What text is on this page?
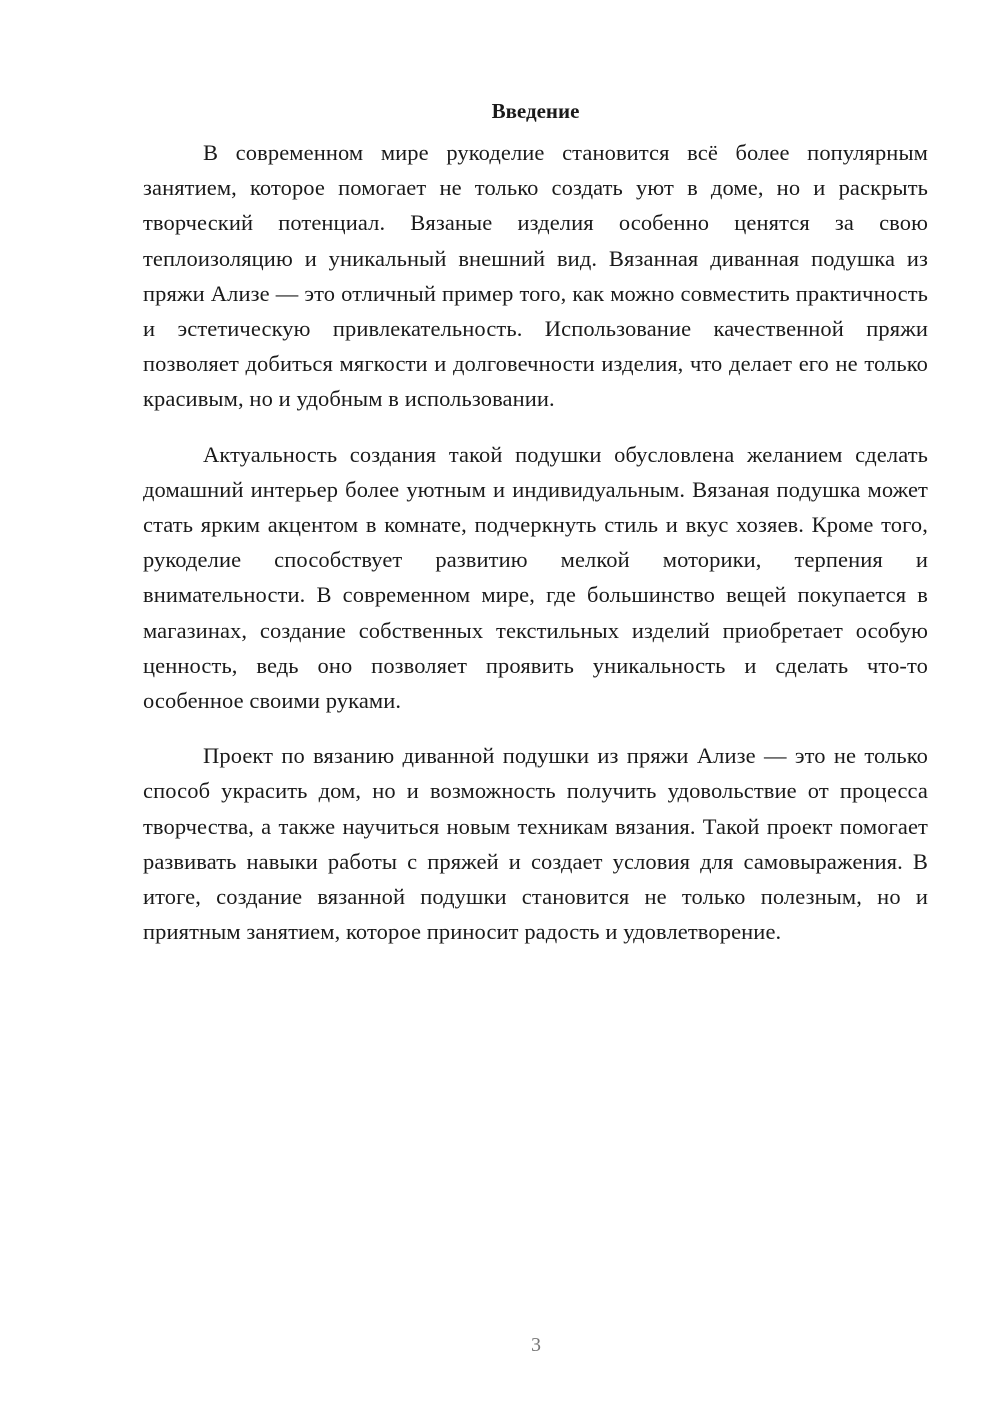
Введение

В современном мире рукоделие становится всё более популярным занятием, которое помогает не только создать уют в доме, но и раскрыть творческий потенциал. Вязаные изделия особенно ценятся за свою теплоизоляцию и уникальный внешний вид. Вязанная диванная подушка из пряжи Ализе — это отличный пример того, как можно совместить практичность и эстетическую привлекательность. Использование качественной пряжи позволяет добиться мягкости и долговечности изделия, что делает его не только красивым, но и удобным в использовании.

Актуальность создания такой подушки обусловлена желанием сделать домашний интерьер более уютным и индивидуальным. Вязаная подушка может стать ярким акцентом в комнате, подчеркнуть стиль и вкус хозяев. Кроме того, рукоделие способствует развитию мелкой моторики, терпения и внимательности. В современном мире, где большинство вещей покупается в магазинах, создание собственных текстильных изделий приобретает особую ценность, ведь оно позволяет проявить уникальность и сделать что-то особенное своими руками.

Проект по вязанию диванной подушки из пряжи Ализе — это не только способ украсить дом, но и возможность получить удовольствие от процесса творчества, а также научиться новым техникам вязания. Такой проект помогает развивать навыки работы с пряжей и создает условия для самовыражения. В итоге, создание вязанной подушки становится не только полезным, но и приятным занятием, которое приносит радость и удовлетворение.

3
